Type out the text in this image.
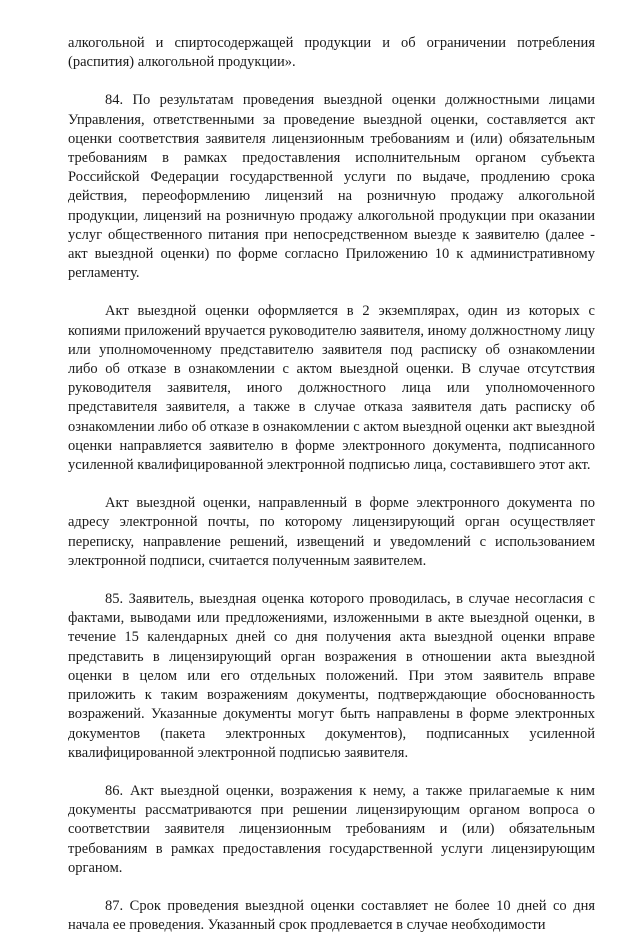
алкогольной и спиртосодержащей продукции и об ограничении потребления (распития) алкогольной продукции».

84. По результатам проведения выездной оценки должностными лицами Управления, ответственными за проведение выездной оценки, составляется акт оценки соответствия заявителя лицензионным требованиям и (или) обязательным требованиям в рамках предоставления исполнительным органом субъекта Российской Федерации государственной услуги по выдаче, продлению срока действия, переоформлению лицензий на розничную продажу алкогольной продукции, лицензий на розничную продажу алкогольной продукции при оказании услуг общественного питания при непосредственном выезде к заявителю (далее - акт выездной оценки) по форме согласно Приложению 10 к административному регламенту.

Акт выездной оценки оформляется в 2 экземплярах, один из которых с копиями приложений вручается руководителю заявителя, иному должностному лицу или уполномоченному представителю заявителя под расписку об ознакомлении либо об отказе в ознакомлении с актом выездной оценки. В случае отсутствия руководителя заявителя, иного должностного лица или уполномоченного представителя заявителя, а также в случае отказа заявителя дать расписку об ознакомлении либо об отказе в ознакомлении с актом выездной оценки акт выездной оценки направляется заявителю в форме электронного документа, подписанного усиленной квалифицированной электронной подписью лица, составившего этот акт.

Акт выездной оценки, направленный в форме электронного документа по адресу электронной почты, по которому лицензирующий орган осуществляет переписку, направление решений, извещений и уведомлений с использованием электронной подписи, считается полученным заявителем.

85. Заявитель, выездная оценка которого проводилась, в случае несогласия с фактами, выводами или предложениями, изложенными в акте выездной оценки, в течение 15 календарных дней со дня получения акта выездной оценки вправе представить в лицензирующий орган возражения в отношении акта выездной оценки в целом или его отдельных положений. При этом заявитель вправе приложить к таким возражениям документы, подтверждающие обоснованность возражений. Указанные документы могут быть направлены в форме электронных документов (пакета электронных документов), подписанных усиленной квалифицированной электронной подписью заявителя.

86. Акт выездной оценки, возражения к нему, а также прилагаемые к ним документы рассматриваются при решении лицензирующим органом вопроса о соответствии заявителя лицензионным требованиям и (или) обязательным требованиям в рамках предоставления государственной услуги лицензирующим органом.

87. Срок проведения выездной оценки составляет не более 10 дней со дня начала ее проведения. Указанный срок продлевается в случае необходимости
